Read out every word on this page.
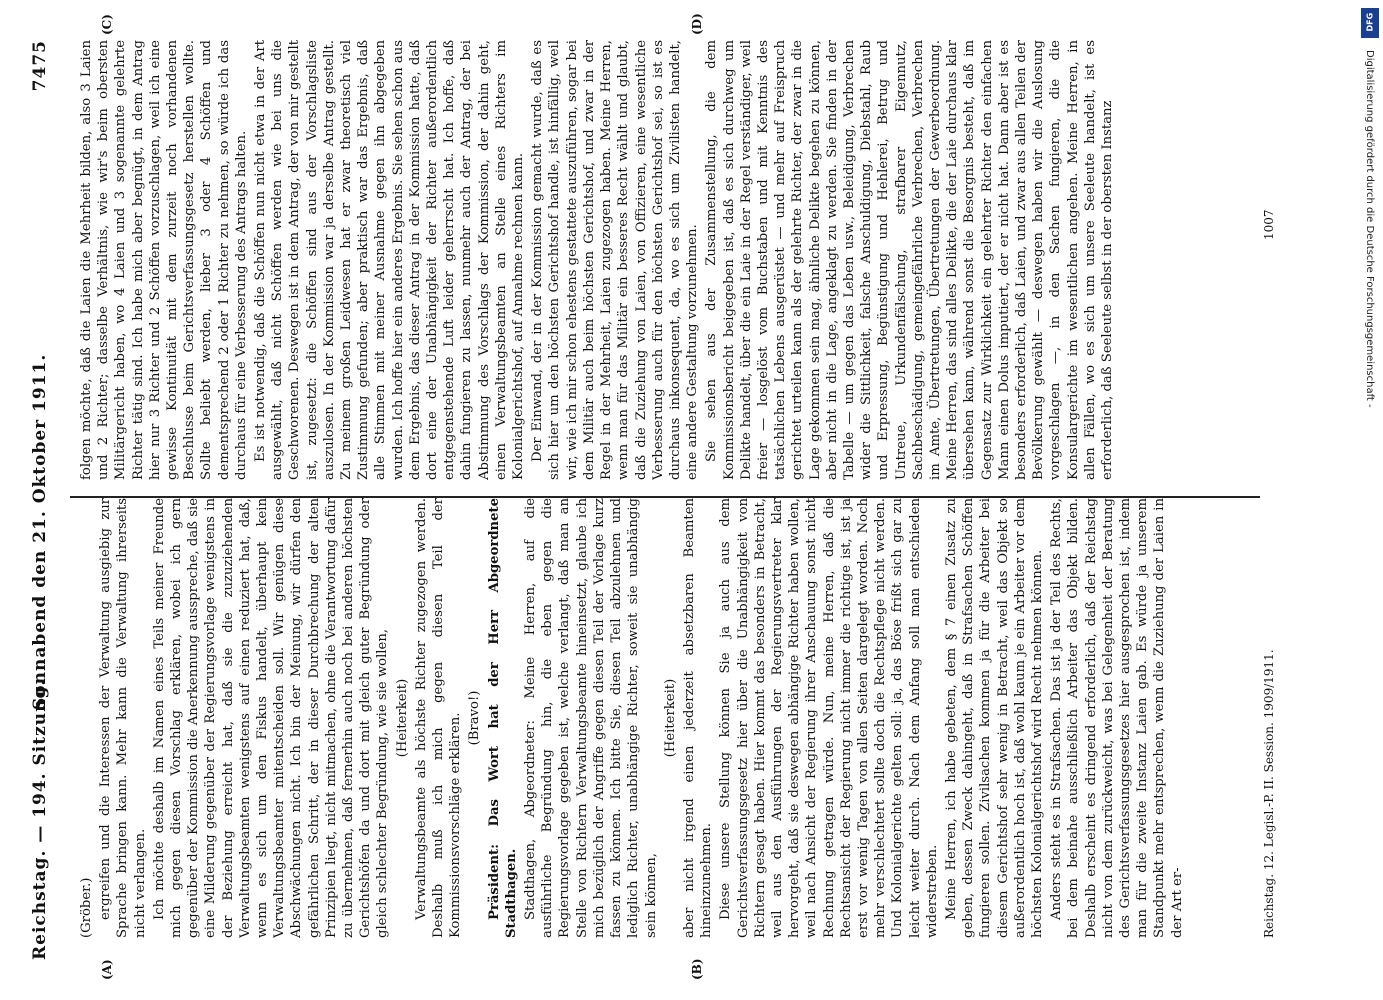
Reichstag. — 194. Sitzung.
Sonnabend den 21. Oktober 1911.
7475
(A)	(B)
(C)	(D)

(Gröber.) ergreifen und die Interessen der Verwaltung ausgiebig zur Sprache bringen kann. Mehr kann die Verwaltung ihrerseits nicht verlangen. Ich möchte deshalb im Namen eines Teils meiner Freunde mich gegen diesen Vorschlag erklären, wobei ich gern gegenüber der Kommission die Anerkennung ausspreche, daß sie eine Milderung gegenüber der Regierungsvorlage wenigstens in der Beziehung erreicht hat, daß sie die zuzuziehenden Verwaltungsbeamten wenigstens auf einen reduziert hat, daß, wenn es sich um den Fiskus handelt, überhaupt kein Verwaltungsbeamter mitentscheiden soll. Wir genügen diese Abschwächungen nicht. Ich bin der Meinung, wir dürfen den gefährlichen Schritt, der in dieser Durchbrechung der alten Prinzipien liegt, nicht mitmachen, ohne die Verantwortung dafür zu übernehmen, daß fernerhin auch noch bei anderen höchsten Gerichtshöfen da und dort mit gleich guter Begründung oder gleich schlechter Begründung, wie sie wollen, (Heiterkeit) Verwaltungsbeamte als höchste Richter zugezogen werden. Deshalb muß ich mich gegen diesen Teil der Kommissionsvorschläge erklären. (Bravo!) Präsident: Das Wort hat der Herr Abgeordnete Stadthagen. Stadthagen, Abgeordneter: Meine Herren, auf die ausführliche Begründung hin, die eben gegen die Regierungsvorlage gegeben ist, welche verlangt, daß man an Stelle von Richtern Verwaltungsbeamte hineinsetzt, glaube ich mich bezüglich der Angriffe gegen diesen Teil der Vorlage kurz fassen zu können. Ich bitte Sie, diesen Teil abzulehnen und lediglich Richter, unabhängige Richter, soweit sie unabhängig sein können,

(Heiterkeit) aber nicht irgend einen jederzeit absetzbaren Beamten hineinzunehmen. Diese unsere Stellung können Sie ja auch aus dem Gerichtsverfassungsgesetz hier über die Unabhängigkeit von Richtern gesagt haben. Hier kommt das besonders in Betracht, weil aus den Ausführungen der Regierungsvertreter klar hervorgeht, daß sie deswegen abhängige Richter haben wollen, weil nach Ansicht der Regierung ihrer Anschauung sonst nicht Rechnung getragen würde. Nun, meine Herren, daß die Rechtsansicht der Regierung nicht immer die richtige ist, ist ja erst vor wenig Tagen von allen Seiten dargelegt worden. Noch mehr verschlechtert sollte doch die Rechtspflege nicht werden. Und Kolonialgerichte gelten soll: ja, das Böse frißt sich gar zu leicht weiter durch. Nach dem Anfang soll man entschieden widerstreben. Meine Herren, ich habe gebeten, dem § 7 einen Zusatz zu geben, dessen Zweck dahingeht, daß in Strafsachen Schöffen fungieren sollen. Zivilsachen kommen ja für die Arbeiter bei diesem Gerichtshof sehr wenig in Betracht, weil das Objekt so außerordentlich hoch ist, daß wohl kaum je ein Arbeiter vor dem höchsten Kolonialgerichtshof wird Recht nehmen können. Anders steht es in Strafsachen. Das ist ja der Teil des Rechts, bei dem beinahe ausschließlich Arbeiter das Objekt bilden. Deshalb erscheint es dringend erforderlich, daß der Reichstag nicht von dem zurückweicht, was bei Gelegenheit der Beratung des Gerichtsverfassungsgesetzes hier ausgesprochen ist, indem man für die zweite Instanz Laien gab. Es würde ja unserem Standpunkt mehr entsprechen, wenn die Zuziehung der Laien in der Art er-

folgen möchte, daß die Laien die Mehrheit bilden, also 3 Laien und 2 Richter; dasselbe Verhältnis, wie wir's beim obersten Militärgericht haben, wo 4 Laien und 3 sogenannte gelehrte Richter tätig sind. Ich habe mich aber begnügt, in dem Antrag hier nur 3 Richter und 2 Schöffen vorzuschlagen, weil ich eine gewisse Kontinuität mit dem zurzeit noch vorhandenen Beschlusse beim Gerichtsverfassungsgesetz herstellen wollte. Sollte beliebt werden, lieber 3 oder 4 Schöffen und dementsprechend 2 oder 1 Richter zu nehmen, so würde ich das durchaus für eine Verbesserung des Antrags halten. Es ist notwendig, daß die Schöffen nun nicht etwa in der Art ausgewählt, daß nicht Schöffen werden wie bei uns die Geschworenen. Deswegen ist in dem Antrag, der von mir gestellt ist, zugesetzt: die Schöffen sind aus der Vorschlagsliste auszulosen. In der Kommission war ja derselbe Antrag gestellt. Zu meinem großen Leidwesen hat er zwar theoretisch viel Zustimmung gefunden; aber praktisch war das Ergebnis, daß alle Stimmen mit meiner Ausnahme gegen ihn abgegeben wurden. Ich hoffe hier ein anderes Ergebnis. Sie sehen schon aus dem Ergebnis, das dieser Antrag in der Kommission hatte, daß dort eine der Unabhängigkeit der Richter außerordentlich entgegenstehende Luft leider geherrscht hat. Ich hoffe, daß dahin fungieren zu lassen, nunmehr auch der Antrag, der bei Abstimmung des Vorschlags der Kommission, der dahin geht, einen Verwaltungsbeamten an Stelle eines Richters im Kolonialgerichtshof, auf Annahme rechnen kann. Der Einwand, der in der Kommission gemacht wurde, daß es sich hier um den höchsten Gerichtshof handle, ist hinfällig, weil wir, wie ich mir schon ehestens gestattete auszuführen, sogar bei dem Militär auch beim höchsten Gerichtshof, und zwar in der Regel in der Mehrheit, Laien zugezogen haben. Meine Herren, wenn man für das Militär ein besseres Recht wählt und glaubt, daß die Zuziehung von Laien, von Offizieren, eine wesentliche Verbesserung auch für den höchsten Gerichtshof sei, so ist es durchaus inkonsequent, da, wo es sich um Zivilisten handelt, eine andere Gestaltung vorzunehmen. Sie sehen aus der Zusammenstellung, die dem Kommissionsbericht beigegeben ist, daß es sich durchweg um Delikte handelt, über die ein Laie in der Regel verständiger, weil freier — losgelöst vom Buchstaben und mit Kenntnis des tatsächlichen Lebens ausgerüstet — und mehr auf Freispruch gerichtet urteilen kann als der gelehrte Richter, der zwar in die Lage gekommen sein mag, ähnliche Delikte begehen zu können, aber nicht in die Lage, angeklagt zu werden. Sie finden in der Tabelle — um gegen das Leben usw., Beleidigung, Verbrechen wider die Sittlichkeit, falsche Anschuldigung, Diebstahl, Raub und Erpressung, Begünstigung und Hehlerei, Betrug und Untreue, Urkundenfälschung, strafbarer Eigennutz, Sachbeschädigung, gemeingefährliche Verbrechen, Verbrechen im Amte, Übertretungen, Übertretungen der Gewerbeordnung. Meine Herren, das sind alles Delikte, die der Laie durchaus klar übersehen kann, während sonst die Besorgnis besteht, daß im Gegensatz zur Wirklichkeit ein gelehrter Richter den einfachen Mann einen Dolus imputiert, der er nicht hat. Dann aber ist es besonders erforderlich, daß Laien, und zwar aus allen Teilen der Bevölkerung gewählt — deswegen haben wir die Auslosung vorgeschlagen —, in den Sachen fungieren, die die Konsulargerichte im wesentlichen angehen. Meine Herren, in allen Fällen, wo es sich um unsere Seeleute handelt, ist es erforderlich, daß Seeleute selbst in der obersten Instanz

Reichstag. 12. Legisl.-P. II. Session. 1909/1911.
1007	Digitalisierung gefördert durch die Deutsche Forschungsgemeinschaft -
DFG
